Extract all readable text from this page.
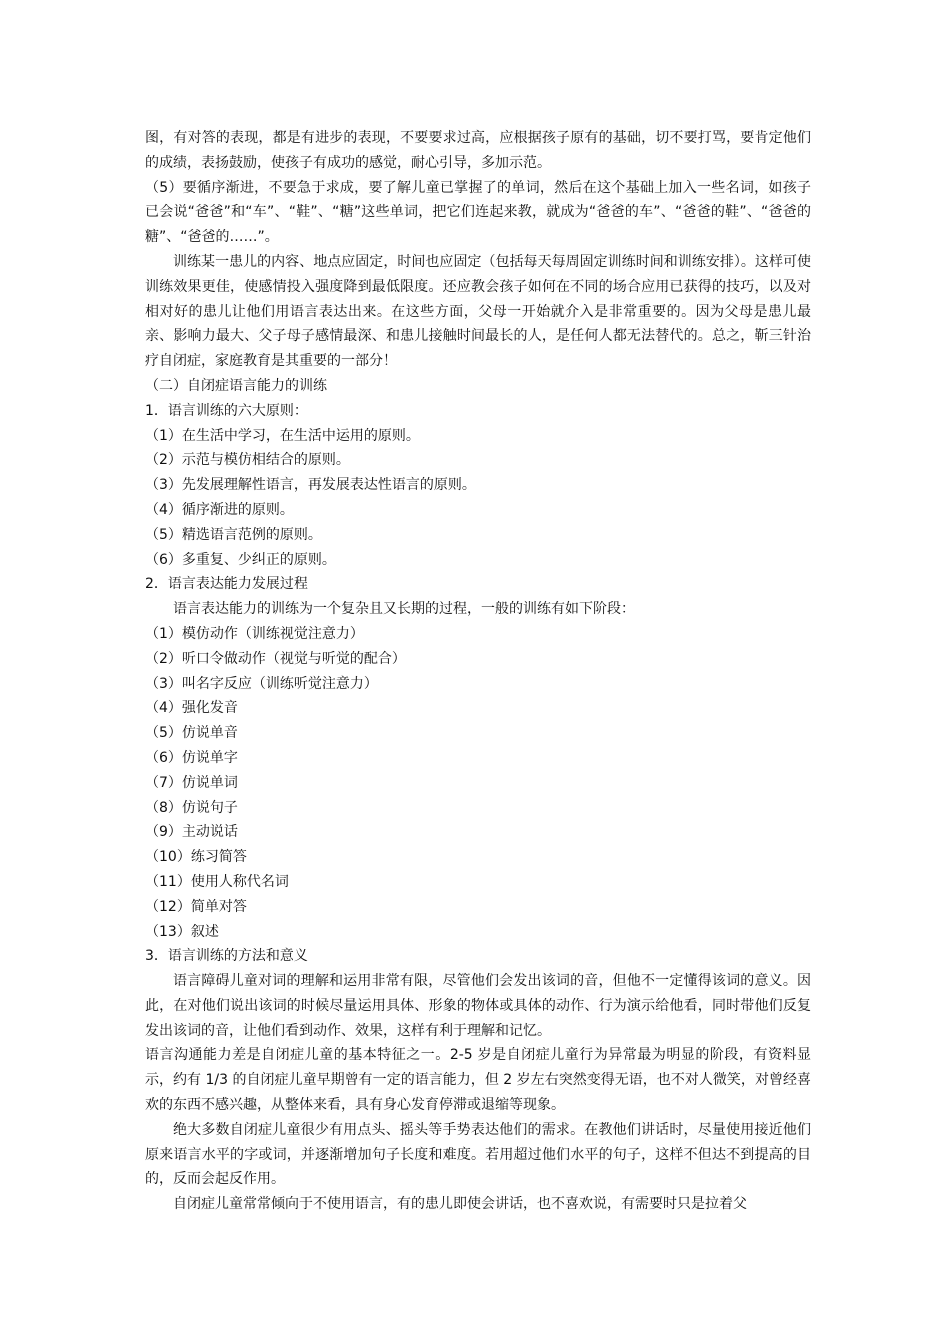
图，有对答的表现，都是有进步的表现，不要要求过高，应根据孩子原有的基础，切不要打骂，要肯定他们的成绩，表扬鼓励，使孩子有成功的感觉，耐心引导，多加示范。

（5）要循序渐进，不要急于求成，要了解儿童已掌握了的单词，然后在这个基础上加入一些名词，如孩子已会说“爸爸”和“车”、“鞋”、“糖”这些单词，把它们连起来教，就成为“爸爸的车”、“爸爸的鞋”、“爸爸的糖”、“爸爸的……”。

训练某一患儿的内容、地点应固定，时间也应固定（包括每天每周固定训练时间和训练安排）。这样可使训练效果更佳，使感情投入强度降到最低限度。还应教会孩子如何在不同的场合应用已获得的技巧，以及对相对好的患儿让他们用语言表达出来。在这些方面，父母一开始就介入是非常重要的。因为父母是患儿最亲、影响力最大、父子母子感情最深、和患儿接触时间最长的人，是任何人都无法替代的。总之，靳三针治疗自闭症，家庭教育是其重要的一部分！

（二）自闭症语言能力的训练

1．语言训练的六大原则：

（1）在生活中学习，在生活中运用的原则。

（2）示范与模仿相结合的原则。

（3）先发展理解性语言，再发展表达性语言的原则。

（4）循序渐进的原则。

（5）精选语言范例的原则。

（6）多重复、少纠正的原则。

2．语言表达能力发展过程

语言表达能力的训练为一个复杂且又长期的过程，一般的训练有如下阶段：

（1）模仿动作（训练视觉注意力）

（2）听口令做动作（视觉与听觉的配合）

（3）叫名字反应（训练听觉注意力）

（4）强化发音

（5）仿说单音

（6）仿说单字

（7）仿说单词

（8）仿说句子

（9）主动说话

（10）练习简答

（11）使用人称代名词

（12）简单对答

（13）叙述

3．语言训练的方法和意义

语言障碍儿童对词的理解和运用非常有限，尽管他们会发出该词的音，但他不一定懂得该词的意义。因此，在对他们说出该词的时候尽量运用具体、形象的物体或具体的动作、行为演示给他看，同时带他们反复发出该词的音，让他们看到动作、效果，这样有利于理解和记忆。

语言沟通能力差是自闭症儿童的基本特征之一。2-5 岁是自闭症儿童行为异常最为明显的阶段，有资料显示，约有 1/3 的自闭症儿童早期曾有一定的语言能力，但 2 岁左右突然变得无语，也不对人微笑，对曾经喜欢的东西不感兴趣，从整体来看，具有身心发育停滞或退缩等现象。

绝大多数自闭症儿童很少有用点头、摇头等手势表达他们的需求。在教他们讲话时，尽量使用接近他们原来语言水平的字或词，并逐渐增加句子长度和难度。若用超过他们水平的句子，这样不但达不到提高的目的，反而会起反作用。

自闭症儿童常常倾向于不使用语言，有的患儿即使会讲话，也不喜欢说，有需要时只是拉着父
